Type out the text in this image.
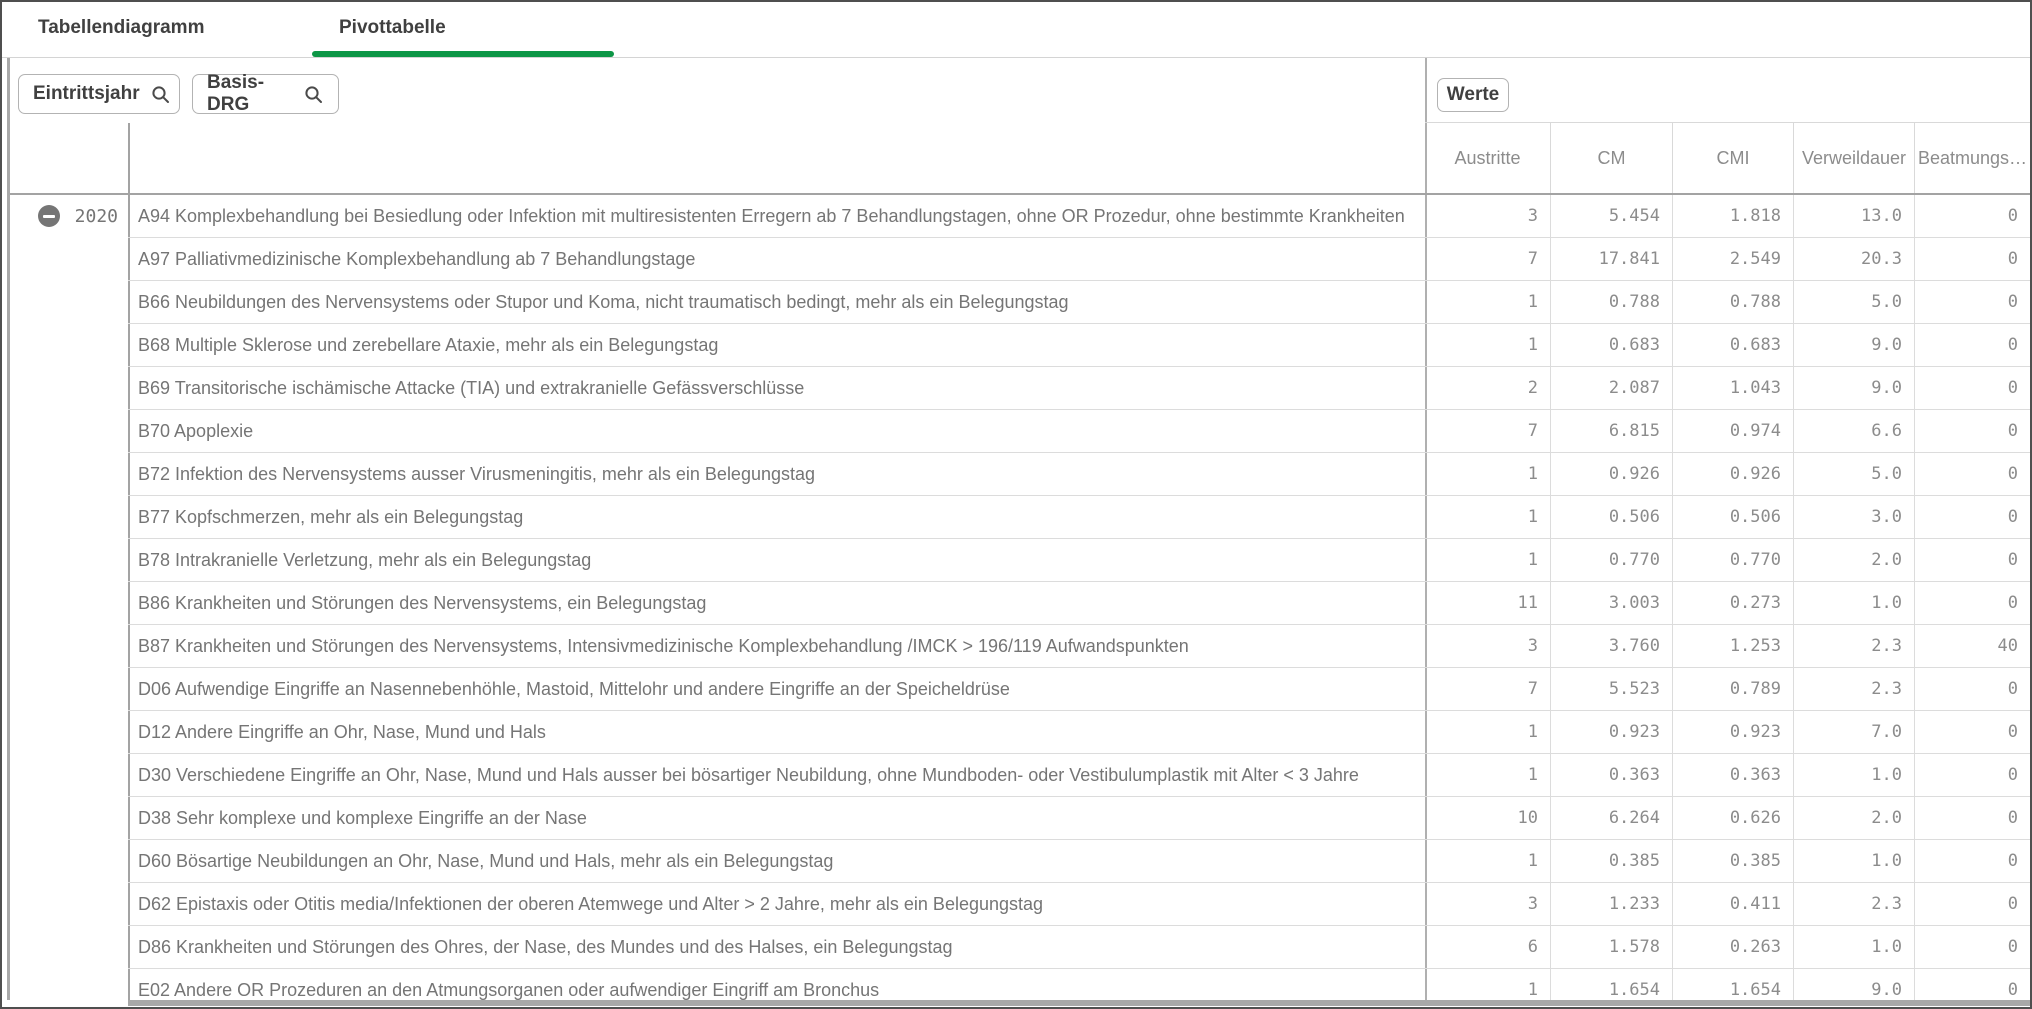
Tabellendiagramm	Pivottabelle
Eintrittsjahr
Basis-DRG	Werte
Austritte	CM	CMI	Verweildauer Beatmungs…
2020	A94 Komplexbehandlung bei Besiedlung oder Infektion mit multiresistenten Erregern ab 7 Behandlungstagen, ohne OR Prozedur, ohne bestimmte Krankheiten	3	5.454	1.818	13.0	0
A97 Palliativmedizinische Komplexbehandlung ab 7 Behandlungstage	7	17.841	2.549	20.3	0
B66 Neubildungen des Nervensystems oder Stupor und Koma, nicht traumatisch bedingt, mehr als ein Belegungstag	1	0.788	0.788	5.0	0
B68 Multiple Sklerose und zerebellare Ataxie, mehr als ein Belegungstag	1	0.683	0.683	9.0	0
B69 Transitorische ischämische Attacke (TIA) und extrakranielle Gefässverschlüsse	2	2.087	1.043	9.0	0
B70 Apoplexie	7	6.815	0.974	6.6	0
B72 Infektion des Nervensystems ausser Virusmeningitis, mehr als ein Belegungstag	1	0.926	0.926	5.0	0
B77 Kopfschmerzen, mehr als ein Belegungstag	1	0.506	0.506	3.0	0
B78 Intrakranielle Verletzung, mehr als ein Belegungstag	1	0.770	0.770	2.0	0
B86 Krankheiten und Störungen des Nervensystems, ein Belegungstag	11	3.003	0.273	1.0	0
B87 Krankheiten und Störungen des Nervensystems, Intensivmedizinische Komplexbehandlung /IMCK > 196/119 Aufwandspunkten	3	3.760	1.253	2.3	40
D06 Aufwendige Eingriffe an Nasennebenhöhle, Mastoid, Mittelohr und andere Eingriffe an der Speicheldrüse	7	5.523	0.789	2.3	0
D12 Andere Eingriffe an Ohr, Nase, Mund und Hals	1	0.923	0.923	7.0	0
D30 Verschiedene Eingriffe an Ohr, Nase, Mund und Hals ausser bei bösartiger Neubildung, ohne Mundboden- oder Vestibulumplastik mit Alter < 3 Jahre	1	0.363	0.363	1.0	0
D38 Sehr komplexe und komplexe Eingriffe an der Nase	10	6.264	0.626	2.0	0
D60 Bösartige Neubildungen an Ohr, Nase, Mund und Hals, mehr als ein Belegungstag	1	0.385	0.385	1.0	0
D62 Epistaxis oder Otitis media/Infektionen der oberen Atemwege und Alter > 2 Jahre, mehr als ein Belegungstag	3	1.233	0.411	2.3	0
D86 Krankheiten und Störungen des Ohres, der Nase, des Mundes und des Halses, ein Belegungstag	6	1.578	0.263	1.0	0
E02 Andere OR Prozeduren an den Atmungsorganen oder aufwendiger Eingriff am Bronchus	1	1.654	1.654	9.0	0
